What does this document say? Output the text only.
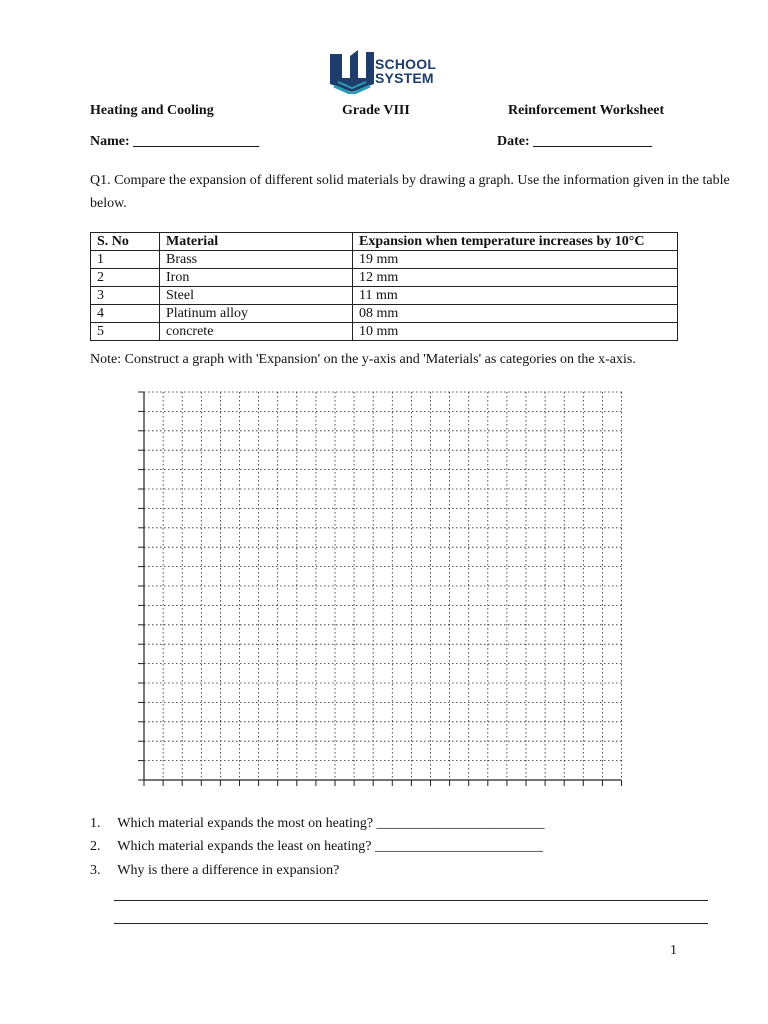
SCHOOL
SYSTEM
Heating and Cooling	Grade VIII	Reinforcement Worksheet
Name: __________________	Date: _________________
Q1. Compare the expansion of different solid materials by drawing a graph. Use the information given in the table below.
S. No	Material	Expansion when temperature increases by 10°C
1	Brass	19 mm
2	Iron	12 mm
3	Steel	11 mm
4	Platinum alloy	08 mm
5	concrete	10 mm
Note: Construct a graph with 'Expansion' on the y-axis and 'Materials' as categories on the x-axis.
1. Which material expands the most on heating? ________________________
2. Which material expands the least on heating? ________________________
3. Why is there a difference in expansion?
1
